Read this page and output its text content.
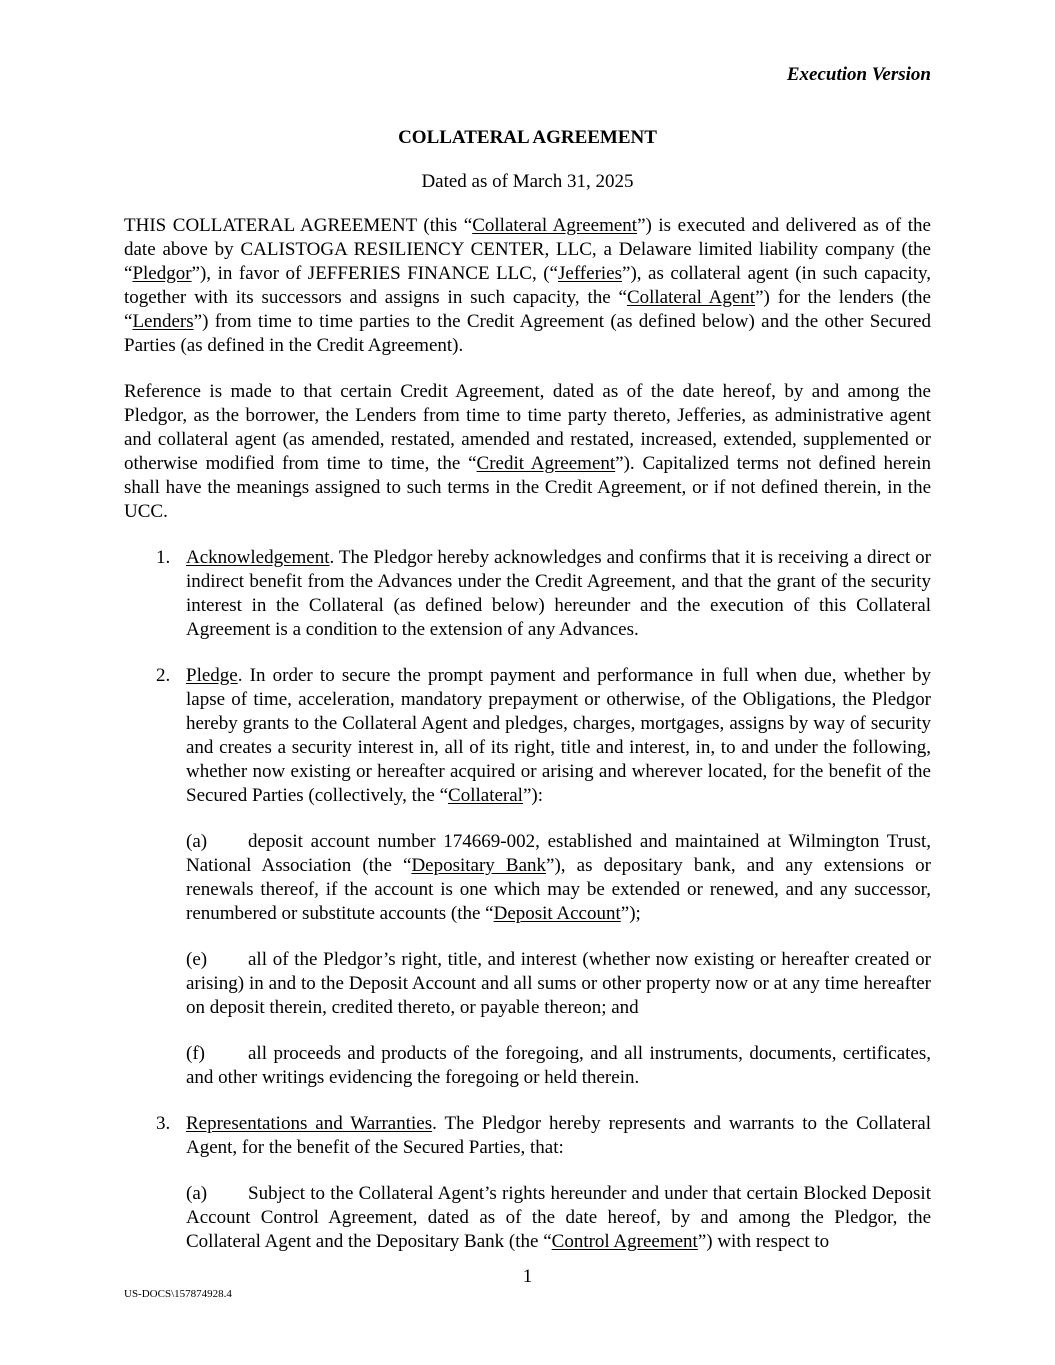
Execution Version
COLLATERAL AGREEMENT
Dated as of March 31, 2025

THIS COLLATERAL AGREEMENT (this “Collateral Agreement”) is executed and delivered as of the date above by CALISTOGA RESILIENCY CENTER, LLC, a Delaware limited liability company (the “Pledgor”), in favor of JEFFERIES FINANCE LLC, (“Jefferies”), as collateral agent (in such capacity, together with its successors and assigns in such capacity, the “Collateral Agent”) for the lenders (the “Lenders”) from time to time parties to the Credit Agreement (as defined below) and the other Secured Parties (as defined in the Credit Agreement).

Reference is made to that certain Credit Agreement, dated as of the date hereof, by and among the Pledgor, as the borrower, the Lenders from time to time party thereto, Jefferies, as administrative agent and collateral agent (as amended, restated, amended and restated, increased, extended, supplemented or otherwise modified from time to time, the “Credit Agreement”). Capitalized terms not defined herein shall have the meanings assigned to such terms in the Credit Agreement, or if not defined therein, in the UCC.

1. Acknowledgement. The Pledgor hereby acknowledges and confirms that it is receiving a direct or indirect benefit from the Advances under the Credit Agreement, and that the grant of the security interest in the Collateral (as defined below) hereunder and the execution of this Collateral Agreement is a condition to the extension of any Advances.

2. Pledge. In order to secure the prompt payment and performance in full when due, whether by lapse of time, acceleration, mandatory prepayment or otherwise, of the Obligations, the Pledgor hereby grants to the Collateral Agent and pledges, charges, mortgages, assigns by way of security and creates a security interest in, all of its right, title and interest, in, to and under the following, whether now existing or hereafter acquired or arising and wherever located, for the benefit of the Secured Parties (collectively, the “Collateral”):

(a) deposit account number 174669-002, established and maintained at Wilmington Trust, National Association (the “Depositary Bank”), as depositary bank, and any extensions or renewals thereof, if the account is one which may be extended or renewed, and any successor, renumbered or substitute accounts (the “Deposit Account”);

(e) all of the Pledgor’s right, title, and interest (whether now existing or hereafter created or arising) in and to the Deposit Account and all sums or other property now or at any time hereafter on deposit therein, credited thereto, or payable thereon; and

(f) all proceeds and products of the foregoing, and all instruments, documents, certificates, and other writings evidencing the foregoing or held therein.

3. Representations and Warranties. The Pledgor hereby represents and warrants to the Collateral Agent, for the benefit of the Secured Parties, that:

(a) Subject to the Collateral Agent’s rights hereunder and under that certain Blocked Deposit Account Control Agreement, dated as of the date hereof, by and among the Pledgor, the Collateral Agent and the Depositary Bank (the “Control Agreement”) with respect to

1
US-DOCS\157874928.4
